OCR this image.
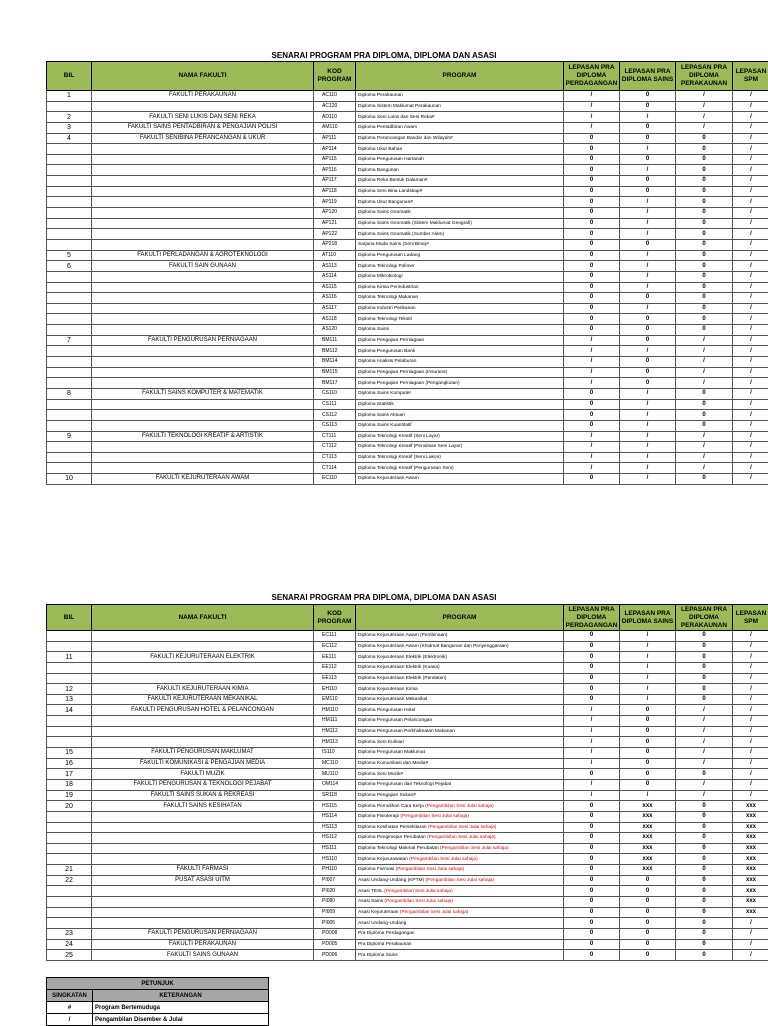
SENARAI PROGRAM PRA DIPLOMA, DIPLOMA DAN ASASI
BIL	NAMA FAKULTI	KOD PROGRAM	PROGRAM	LEPASAN PRA DIPLOMA PERDAGANGAN	LEPASAN PRA DIPLOMA SAINS	LEPASAN PRA DIPLOMA PERAKAUNAN	LEPASAN SPM
1	FAKULTI PERAKAUNAN	AC110	Diploma Perakaunan	/	0	/	/
		AC120	Diploma Sistem Maklumat Perakaunan	/	0	/	/
2	FAKULTI SENI LUKIS DAN SENI REKA	AD110	Diploma Seni Lukis dan Seni Reka#	/	/	/	/
3	FAKULTI SAINS PENTADBIRAN & PENGAJIAN POLISI	AM110	Diploma Pentadbiran Awam	/	0	/	/
4	FAKULTI SENIBINA PERANCANGAN & UKUR	AP111	Diploma Perancangan Bandar dan Wilayah#	0	0	0	/
		AP114	Diploma Ukur Bahan	0	/	0	/
		AP115	Diploma Pengurusan Hartanah	0	0	0	/
		AP116	Diploma Bangunan	0	/	0	/
		AP117	Diploma Reka Bentuk Dalaman#	0	0	0	/
		AP118	Diploma Seni Bina Landskap#	0	0	0	/
		AP119	Diploma Ukur Bangunan#	0	/	0	/
		AP120	Diploma Sains Geomatik	0	/	0	/
		AP121	Diploma Sains Geomatik (Sistem Maklumat Geografi)	0	/	0	/
		AP122	Diploma Sains Geomatik (Sumber Alam)	0	/	0	/
		AP218	Sarjana Muda Sains (Seni Bina)#	0	0	0	/
5	FAKULTI PERLADANGAN & AGROTEKNOLOGI	AT110	Diploma Pengurusan Ladang	0	/	0	/
6	FAKULTI SAIN GUNAAN	AS113	Diploma Teknologi Polimer	0	/	0	/
		AS114	Diploma Mikrobiologi	0	/	0	/
		AS115	Diploma Kimia Perindustrian	0	/	0	/
		AS116	Diploma Teknologi Makanan	0	0	0	/
		AS117	Diploma Industri Perikanan	0	/	0	/
		AS118	Diploma Teknologi Tekstil	0	0	0	/
		AS120	Diploma Sains	0	0	0	/
7	FAKULTI PENGURUSAN PERNIAGAAN	BM111	Diploma Pengajian Perniagaan	/	0	/	/
		BM112	Diploma Pengurusan Bank	/	/	/	/
		BM114	Diploma Analisis Pelaburan	/	0	/	/
		BM115	Diploma Pengajian Perniagaan (Insurans)	/	0	/	/
		BM117	Diploma Pengajian Perniagaan (Pengangkutan)	/	0	/	/
8	FAKULTI SAINS KOMPUTER & MATEMATIK	CS110	Diploma Sains Komputer	0	/	0	/
		CS111	Diploma Statistik	0	/	0	/
		CS112	Diploma Sains Aktuari	0	/	0	/
		CS113	Diploma Sains Kuantitatif	0	/	0	/
9	FAKULTI TEKNOLOGI KREATIF & ARTISTIK	CT111	Diploma Teknologi Kreatif (Seni Layar)	/	/	/	/
		CT112	Diploma Teknologi Kreatif (Penulisan Seni Layar)	/	/	/	/
		CT113	Diploma Teknologi Kreatif (Seni Lakon)	/	/	/	/
		CT114	Diploma Teknologi Kreatif (Pengurusan Seni)	/	/	/	/
10	FAKULTI KEJURUTERAAN AWAM	EC110	Diploma Kejuruteraan Awam	0	/	0	/
SENARAI PROGRAM PRA DIPLOMA, DIPLOMA DAN ASASI
BIL	NAMA FAKULTI	KOD PROGRAM	PROGRAM	LEPASAN PRA DIPLOMA PERDAGANGAN	LEPASAN PRA DIPLOMA SAINS	LEPASAN PRA DIPLOMA PERAKAUNAN	LEPASAN SPM
		EC111	Diploma Kejuruteraan Awam (Pembinaan)	0	/	0	/
		EC112	Diploma Kejuruteraan Awam (Khidmat Bangunan dan Penyenggaraan)	0	/	0	/
11	FAKULTI KEJURUTERAAN ELEKTRIK	EE111	Diploma Kejuruteraan Elektrik (Elektronik)	0	/	0	/
		EE112	Diploma Kejuruteraan Elektrik (Kuasa)	0	/	0	/
		EE113	Diploma Kejuruteraan Elektrik (Peralatan)	0	/	0	/
12	FAKULTI KEJURUTERAAN KIMIA	EH110	Diploma Kejuruteraan Kimia	0	/	0	/
13	FAKULTI KEJURUTERAAN MEKANIKAL	EM110	Diploma Kejuruteraan Mekanikal	0	/	0	/
14	FAKULTI PENGURUSAN HOTEL & PELANCONGAN	HM110	Diploma Pengurusan Hotel	/	0	/	/
		HM111	Diploma Pengurusan Pelancongan	/	0	/	/
		HM112	Diploma Pengurusan Perkhidmatan Makanan	/	0	/	/
		HM113	Diploma Seni Kulinari	/	0	/	/
15	FAKULTI PENGURUSAN MAKLUMAT	IS110	Diploma Pengurusan Maklumat	/	0	/	/
16	FAKULTI KOMUNIKASI & PENGAJIAN MEDIA	MC110	Diploma Komunikasi dan Media#	/	0	/	/
17	FAKULTI MUZIK	MU110	Diploma Seni Muzik#	0	0	0	/
18	FAKULTI PENGURUSAN & TEKNOLOGI PEJABAT	OM114	Diploma Pengurusan dan Teknologi Pejabat	/	0	/	/
19	FAKULTI SAINS SUKAN & REKREASI	SR118	Diploma Pengajian Sukan#	/	/	/	/
20	FAKULTI SAINS KESIHATAN	HS115	Diploma Pemulihan Cara Kerja (Pengambilan Sesi Julai sahaja)	0	xxx	0	xxx
		HS114	Diploma Fisioterapi (Pengambilan Sesi Julai sahaja)	0	xxx	0	xxx
		HS113	Diploma Kesihatan Persekitaran (Pengambilan Sesi Julai sahaja)	0	xxx	0	xxx
		HS112	Diploma Pengimejan Perubatan (Pengambilan Sesi Julai sahaja)	0	xxx	0	xxx
		HS111	Diploma Teknologi Makmal Perubatan (Pengambilan Sesi Julai sahaja)	0	xxx	0	xxx
		HS110	Diploma Kejururawatan (Pengambilan Sesi Julai sahaja)	0	xxx	0	xxx
21	FAKULTI FARMASI	PH110	Diploma Farmasi (Pengambilan Sesi Julai sahaja)	0	xxx	0	xxx
22	PUSAT ASASI UITM	PI007	Asasi Undang-Undang (KPTM) (Pengambilan Sesi Julai sahaja)	0	0	0	xxx
		PI020	Asasi TESL (Pengambilan Sesi Julai sahaja)	0	0	0	xxx
		PI080	Asasi Sains (Pengambilan Sesi Julai sahaja)	0	0	0	xxx
		PI009	Asasi Kejuruteraan (Pengambilan Sesi Julai sahaja)	0	0	0	xxx
		PI005	Asasi Undang-Undang	0	0	0	/
23	FAKULTI PENGURUSAN PERNIAGAAN	PD008	Pra Diploma Perdagangan	0	0	0	/
24	FAKULTI PERAKAUNAN	PD005	Pra Diploma Perakaunan	0	0	0	/
25	FAKULTI SAINS GUNAAN	PD006	Pra Diploma Sains	0	0	0	/
PETUNJUK	
SINGKATAN	KETERANGAN
#	Program Bertemuduga
/	Pengambilan Disember & Julai
